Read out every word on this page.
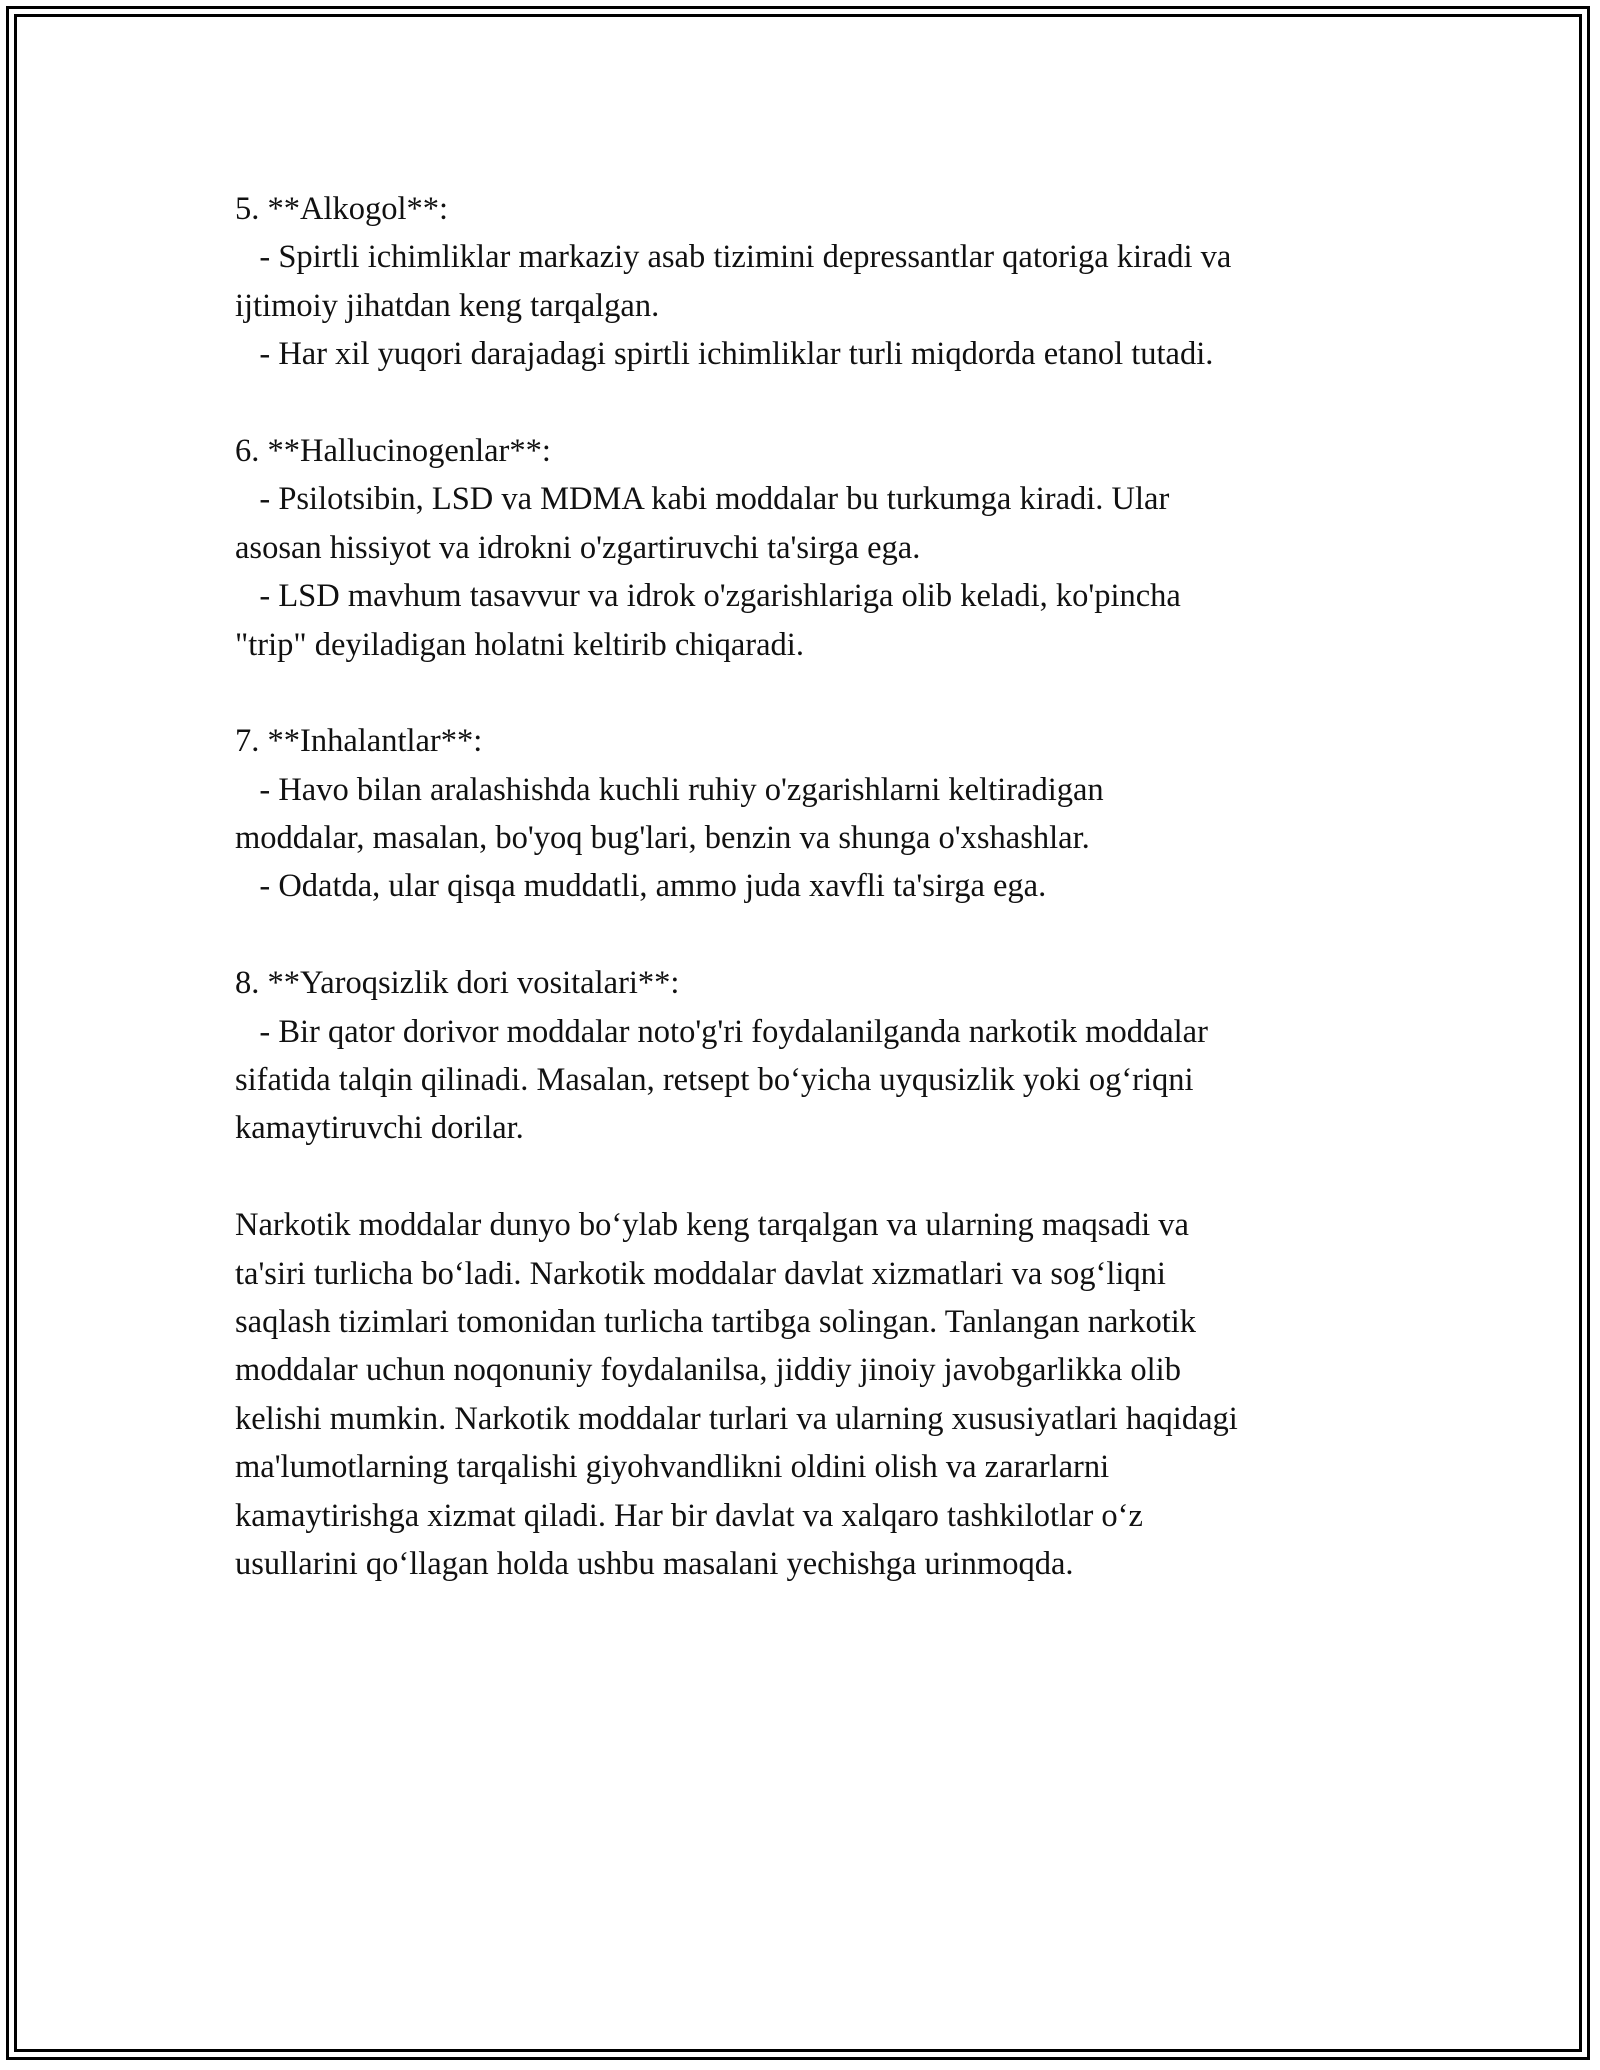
5. **Alkogol**:
- Spirtli ichimliklar markaziy asab tizimini depressantlar qatoriga kiradi va
ijtimoiy jihatdan keng tarqalgan.
- Har xil yuqori darajadagi spirtli ichimliklar turli miqdorda etanol tutadi.
6. **Hallucinogenlar**:
- Psilotsibin, LSD va MDMA kabi moddalar bu turkumga kiradi. Ular
asosan hissiyot va idrokni o'zgartiruvchi ta'sirga ega.
- LSD mavhum tasavvur va idrok o'zgarishlariga olib keladi, ko'pincha
"trip" deyiladigan holatni keltirib chiqaradi.
7. **Inhalantlar**:
- Havo bilan aralashishda kuchli ruhiy o'zgarishlarni keltiradigan
moddalar, masalan, bo'yoq bug'lari, benzin va shunga o'xshashlar.
- Odatda, ular qisqa muddatli, ammo juda xavfli ta'sirga ega.
8. **Yaroqsizlik dori vositalari**:
- Bir qator dorivor moddalar noto'g'ri foydalanilganda narkotik moddalar
sifatida talqin qilinadi. Masalan, retsept bo‘yicha uyqusizlik yoki og‘riqni
kamaytiruvchi dorilar.
Narkotik moddalar dunyo bo‘ylab keng tarqalgan va ularning maqsadi va
ta'siri turlicha bo‘ladi. Narkotik moddalar davlat xizmatlari va sog‘liqni
saqlash tizimlari tomonidan turlicha tartibga solingan. Tanlangan narkotik
moddalar uchun noqonuniy foydalanilsa, jiddiy jinoiy javobgarlikka olib
kelishi mumkin. Narkotik moddalar turlari va ularning xususiyatlari haqidagi
ma'lumotlarning tarqalishi giyohvandlikni oldini olish va zararlarni
kamaytirishga xizmat qiladi. Har bir davlat va xalqaro tashkilotlar o‘z
usullarini qo‘llagan holda ushbu masalani yechishga urinmoqda.
